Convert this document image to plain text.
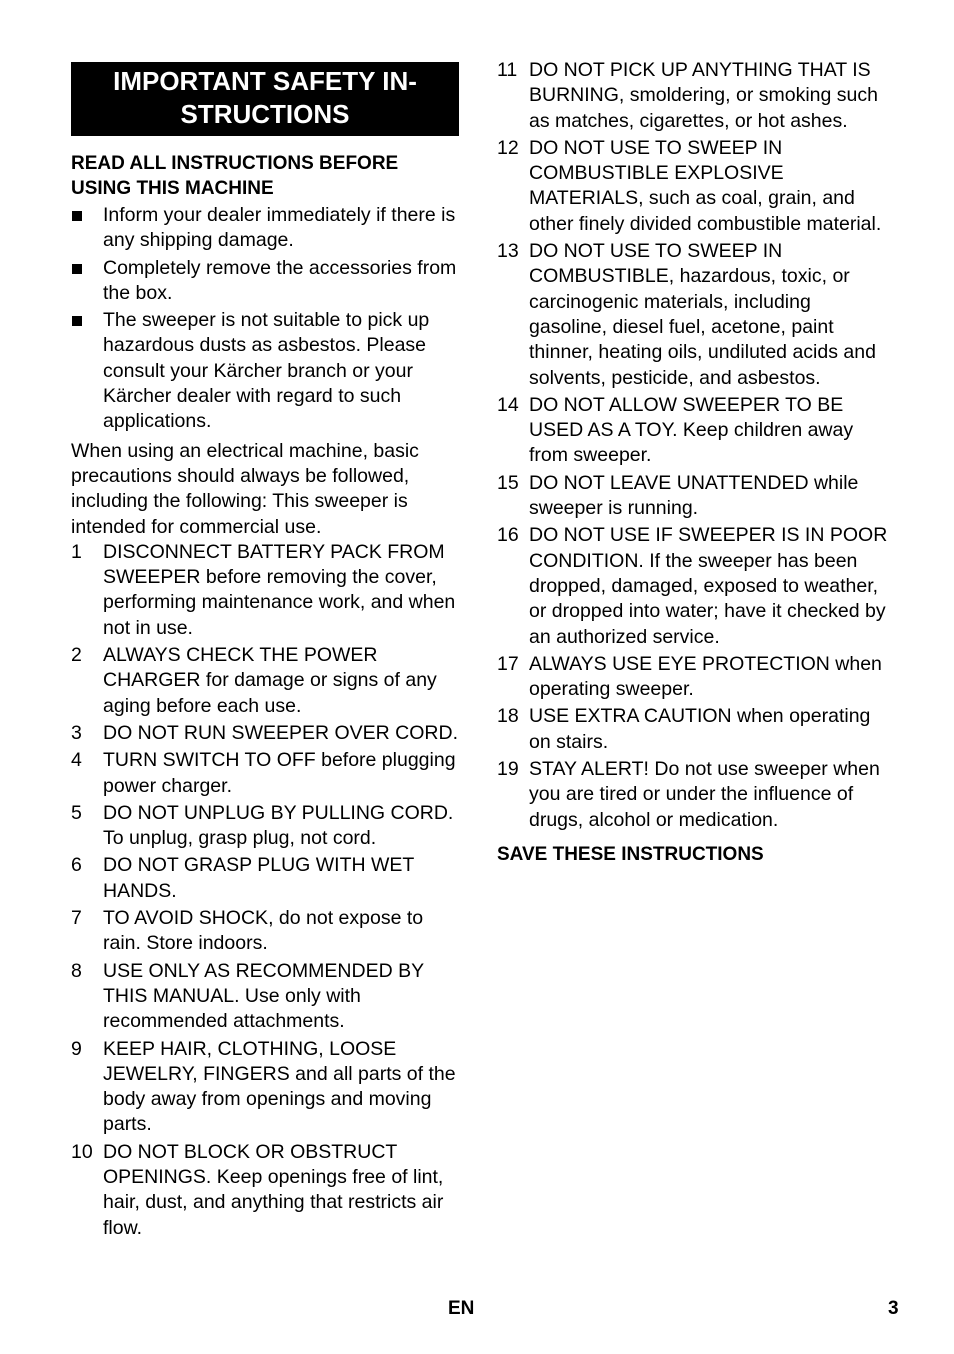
IMPORTANT SAFETY IN-
STRUCTIONS
READ ALL INSTRUCTIONS BEFORE USING THIS MACHINE
Inform your dealer immediately if there is any shipping damage.
Completely remove the accessories from the box.
The sweeper is not suitable to pick up hazardous dusts as asbestos. Please consult your Kärcher branch or your Kärcher dealer with regard to such applications.
When using an electrical machine, basic precautions should always be followed, including the following: This sweeper is intended for commercial use.
1 DISCONNECT BATTERY PACK FROM SWEEPER before removing the cover, performing maintenance work, and when not in use.
2 ALWAYS CHECK THE POWER CHARGER for damage or signs of any aging before each use.
3 DO NOT RUN SWEEPER OVER CORD.
4 TURN SWITCH TO OFF before plugging power charger.
5 DO NOT UNPLUG BY PULLING CORD. To unplug, grasp plug, not cord.
6 DO NOT GRASP PLUG WITH WET HANDS.
7 TO AVOID SHOCK, do not expose to rain. Store indoors.
8 USE ONLY AS RECOMMENDED BY THIS MANUAL. Use only with recommended attachments.
9 KEEP HAIR, CLOTHING, LOOSE JEWELRY, FINGERS and all parts of the body away from openings and moving parts.
10 DO NOT BLOCK OR OBSTRUCT OPENINGS. Keep openings free of lint, hair, dust, and anything that restricts air flow.
11 DO NOT PICK UP ANYTHING THAT IS BURNING, smoldering, or smoking such as matches, cigarettes, or hot ashes.
12 DO NOT USE TO SWEEP IN COMBUSTIBLE EXPLOSIVE MATERIALS, such as coal, grain, and other finely divided combustible material.
13 DO NOT USE TO SWEEP IN COMBUSTIBLE, hazardous, toxic, or carcinogenic materials, including gasoline, diesel fuel, acetone, paint thinner, heating oils, undiluted acids and solvents, pesticide, and asbestos.
14 DO NOT ALLOW SWEEPER TO BE USED AS A TOY. Keep children away from sweeper.
15 DO NOT LEAVE UNATTENDED while sweeper is running.
16 DO NOT USE IF SWEEPER IS IN POOR CONDITION. If the sweeper has been dropped, damaged, exposed to weather, or dropped into water; have it checked by an authorized service.
17 ALWAYS USE EYE PROTECTION when operating sweeper.
18 USE EXTRA CAUTION when operating on stairs.
19 STAY ALERT! Do not use sweeper when you are tired or under the influence of drugs, alcohol or medication.
SAVE THESE INSTRUCTIONS
EN	3
